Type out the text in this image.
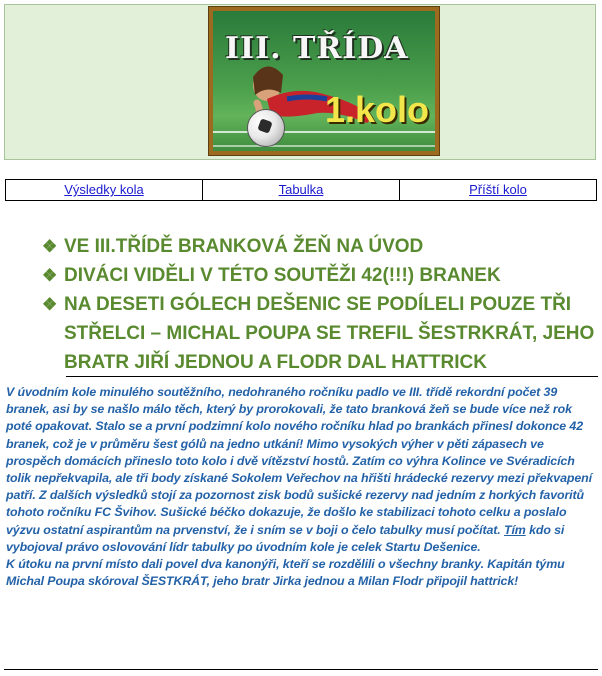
III. TŘÍDA
1.kolo
Výsledky kola	Tabulka	Příští kolo
❖ VE III.TŘÍDĚ BRANKOVÁ ŽEŇ NA ÚVOD
❖ DIVÁCI VIDĚLI V TÉTO SOUTĚŽI 42(!!!) BRANEK
❖ NA DESETI GÓLECH DEŠENIC SE PODÍLELI POUZE TŘI STŘELCI – MICHAL POUPA SE TREFIL ŠESTRKRÁT, JEHO BRATR JIŘÍ JEDNOU A FLODR DAL HATTRICK

V úvodním kole minulého soutěžního, nedohraného ročníku padlo ve III. třídě rekordní počet 39 branek, asi by se našlo málo těch, který by prorokovali, že tato branková žeň se bude více než rok poté opakovat. Stalo se a první podzimní kolo nového ročníku hlad po brankách přinesl dokonce 42 branek, což je v průměru šest gólů na jedno utkání! Mimo vysokých výher v pěti zápasech ve prospěch domácích přineslo toto kolo i dvě vítězství hostů. Zatím co výhra Kolince ve Svéradicích tolik nepřekvapila, ale tři body získané Sokolem Veřechov na hřišti hrádecké rezervy mezi překvapení patří. Z dalších výsledků stojí za pozornost zisk bodů sušické rezervy nad jedním z horkých favoritů tohoto ročníku FC Švihov. Sušické béčko dokazuje, že došlo ke stabilizaci tohoto celku a poslalo výzvu ostatní aspirantům na prvenství, že i sním se v boji o čelo tabulky musí počítat. Tím kdo si vybojoval právo oslovování lídr tabulky po úvodním kole je celek Startu Dešenice.

K útoku na první místo dali povel dva kanonýři, kteří se rozdělili o všechny branky. Kapitán týmu Michal Poupa skóroval ŠESTKRÁT, jeho bratr Jirka jednou a Milan Flodr připojil hattrick!
